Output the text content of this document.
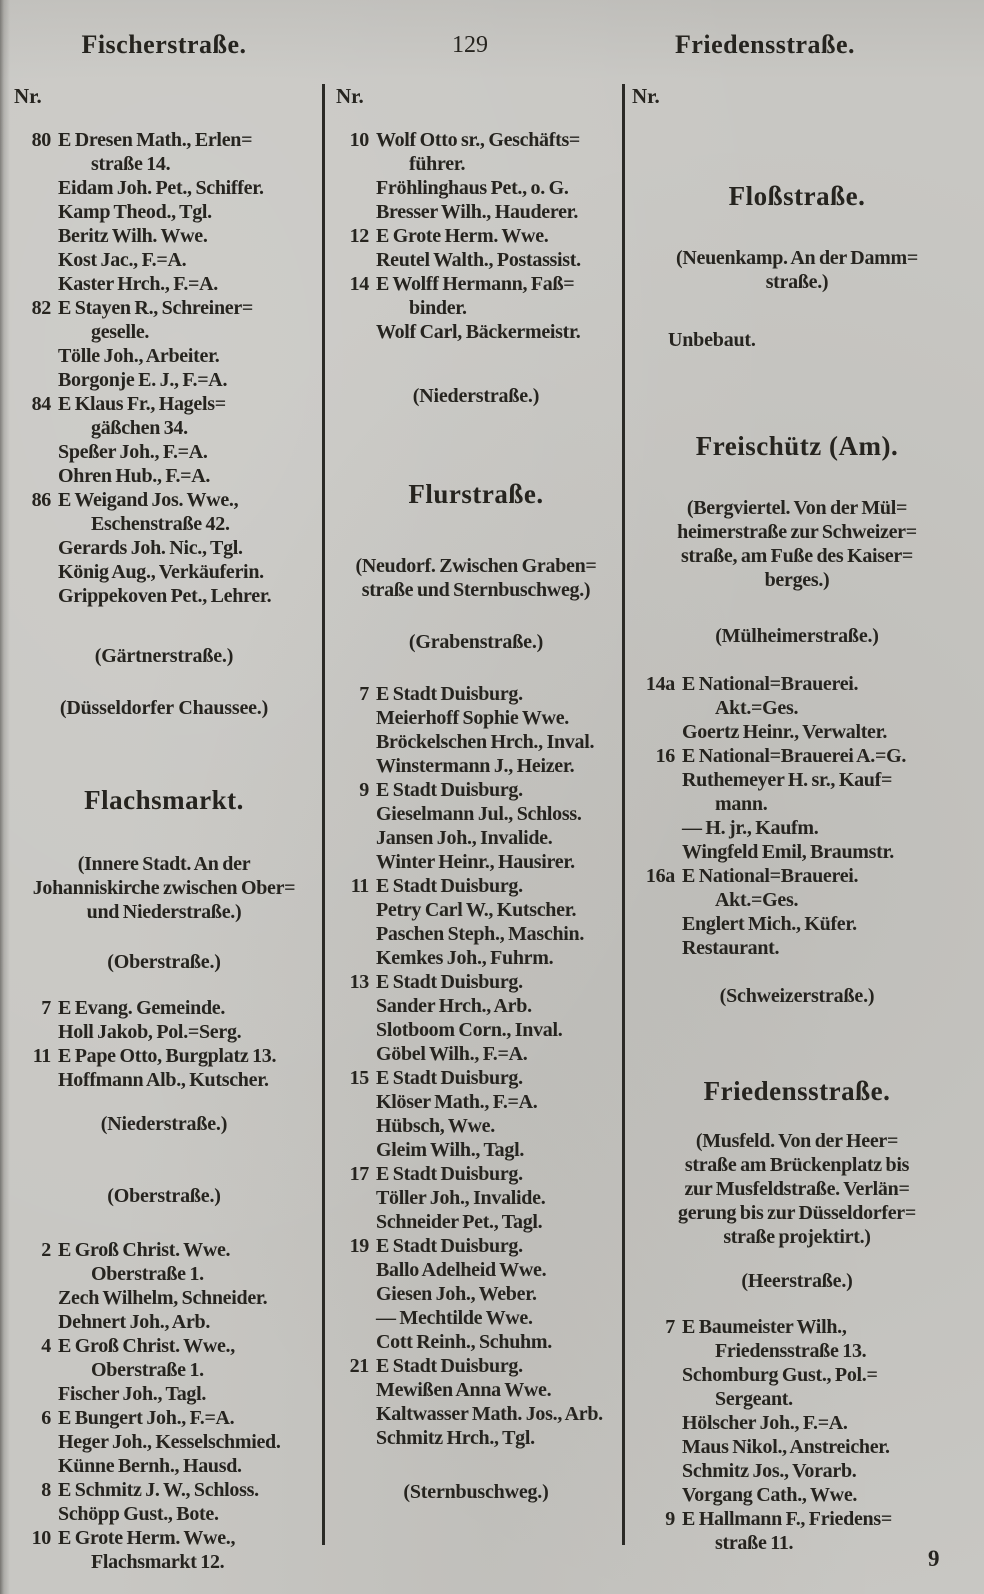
Fischerstraße.	129	Friedensstraße.
Nr.
80 E Dresen Math., Erlen=
straße 14.
Eidam Joh. Pet., Schiffer.
Kamp Theod., Tgl.
Beritz Wilh. Wwe.
Kost Jac., F.=A.
Kaster Hrch., F.=A.
82 E Stayen R., Schreiner=
geselle.
Tölle Joh., Arbeiter.
Borgonje E. J., F.=A.
84 E Klaus Fr., Hagels=
gäßchen 34.
Speßer Joh., F.=A.
Ohren Hub., F.=A.
86 E Weigand Jos. Wwe.,
Eschenstraße 42.
Gerards Joh. Nic., Tgl.
König Aug., Verkäuferin.
Grippekoven Pet., Lehrer.
(Gärtnerstraße.)
(Düsseldorfer Chaussee.)
Flachsmarkt.
(Innere Stadt. An der
Johanniskirche zwischen Ober=
und Niederstraße.)
(Oberstraße.)
7 E Evang. Gemeinde.
Holl Jakob, Pol.=Serg.
11 E Pape Otto, Burgplatz 13.
Hoffmann Alb., Kutscher.
(Niederstraße.)
(Oberstraße.)
2 E Groß Christ. Wwe.
Oberstraße 1.
Zech Wilhelm, Schneider.
Dehnert Joh., Arb.
4 E Groß Christ. Wwe.,
Oberstraße 1.
Fischer Joh., Tagl.
6 E Bungert Joh., F.=A.
Heger Joh., Kesselschmied.
Künne Bernh., Hausd.
8 E Schmitz J. W., Schloss.
Schöpp Gust., Bote.
10 E Grote Herm. Wwe.,
Flachsmarkt 12.
Nr.
10 Wolf Otto sr., Geschäfts=
führer.
Fröhlinghaus Pet., o. G.
Bresser Wilh., Hauderer.
12 E Grote Herm. Wwe.
Reutel Walth., Postassist.
14 E Wolff Hermann, Faß=
binder.
Wolf Carl, Bäckermeistr.
(Niederstraße.)
Flurstraße.
(Neudorf. Zwischen Graben=
straße und Sternbuschweg.)
(Grabenstraße.)
7 E Stadt Duisburg.
Meierhoff Sophie Wwe.
Bröckelschen Hrch., Inval.
Winstermann J., Heizer.
9 E Stadt Duisburg.
Gieselmann Jul., Schloss.
Jansen Joh., Invalide.
Winter Heinr., Hausirer.
11 E Stadt Duisburg.
Petry Carl W., Kutscher.
Paschen Steph., Maschin.
Kemkes Joh., Fuhrm.
13 E Stadt Duisburg.
Sander Hrch., Arb.
Slotboom Corn., Inval.
Göbel Wilh., F.=A.
15 E Stadt Duisburg.
Klöser Math., F.=A.
Hübsch, Wwe.
Gleim Wilh., Tagl.
17 E Stadt Duisburg.
Töller Joh., Invalide.
Schneider Pet., Tagl.
19 E Stadt Duisburg.
Ballo Adelheid Wwe.
Giesen Joh., Weber.
— Mechtilde Wwe.
Cott Reinh., Schuhm.
21 E Stadt Duisburg.
Mewißen Anna Wwe.
Kaltwasser Math. Jos., Arb.
Schmitz Hrch., Tgl.
(Sternbuschweg.)
Nr.
Floßstraße.
(Neuenkamp. An der Damm=
straße.)
Unbebaut.
Freischütz (Am).
(Bergviertel. Von der Mül=
heimerstraße zur Schweizer=
straße, am Fuße des Kaiser=
berges.)
(Mülheimerstraße.)
14a E National=Brauerei.
Akt.=Ges.
Goertz Heinr., Verwalter.
16 E National=Brauerei A.=G.
Ruthemeyer H. sr., Kauf=
mann.
— H. jr., Kaufm.
Wingfeld Emil, Braumstr.
16a E National=Brauerei.
Akt.=Ges.
Englert Mich., Küfer.
Restaurant.
(Schweizerstraße.)
Friedensstraße.
(Musfeld. Von der Heer=
straße am Brückenplatz bis
zur Musfeldstraße. Verlän=
gerung bis zur Düsseldorfer=
straße projektirt.)
(Heerstraße.)
7 E Baumeister Wilh.,
Friedensstraße 13.
Schomburg Gust., Pol.=
Sergeant.
Hölscher Joh., F.=A.
Maus Nikol., Anstreicher.
Schmitz Jos., Vorarb.
Vorgang Cath., Wwe.
9 E Hallmann F., Friedens=
straße 11.
9
